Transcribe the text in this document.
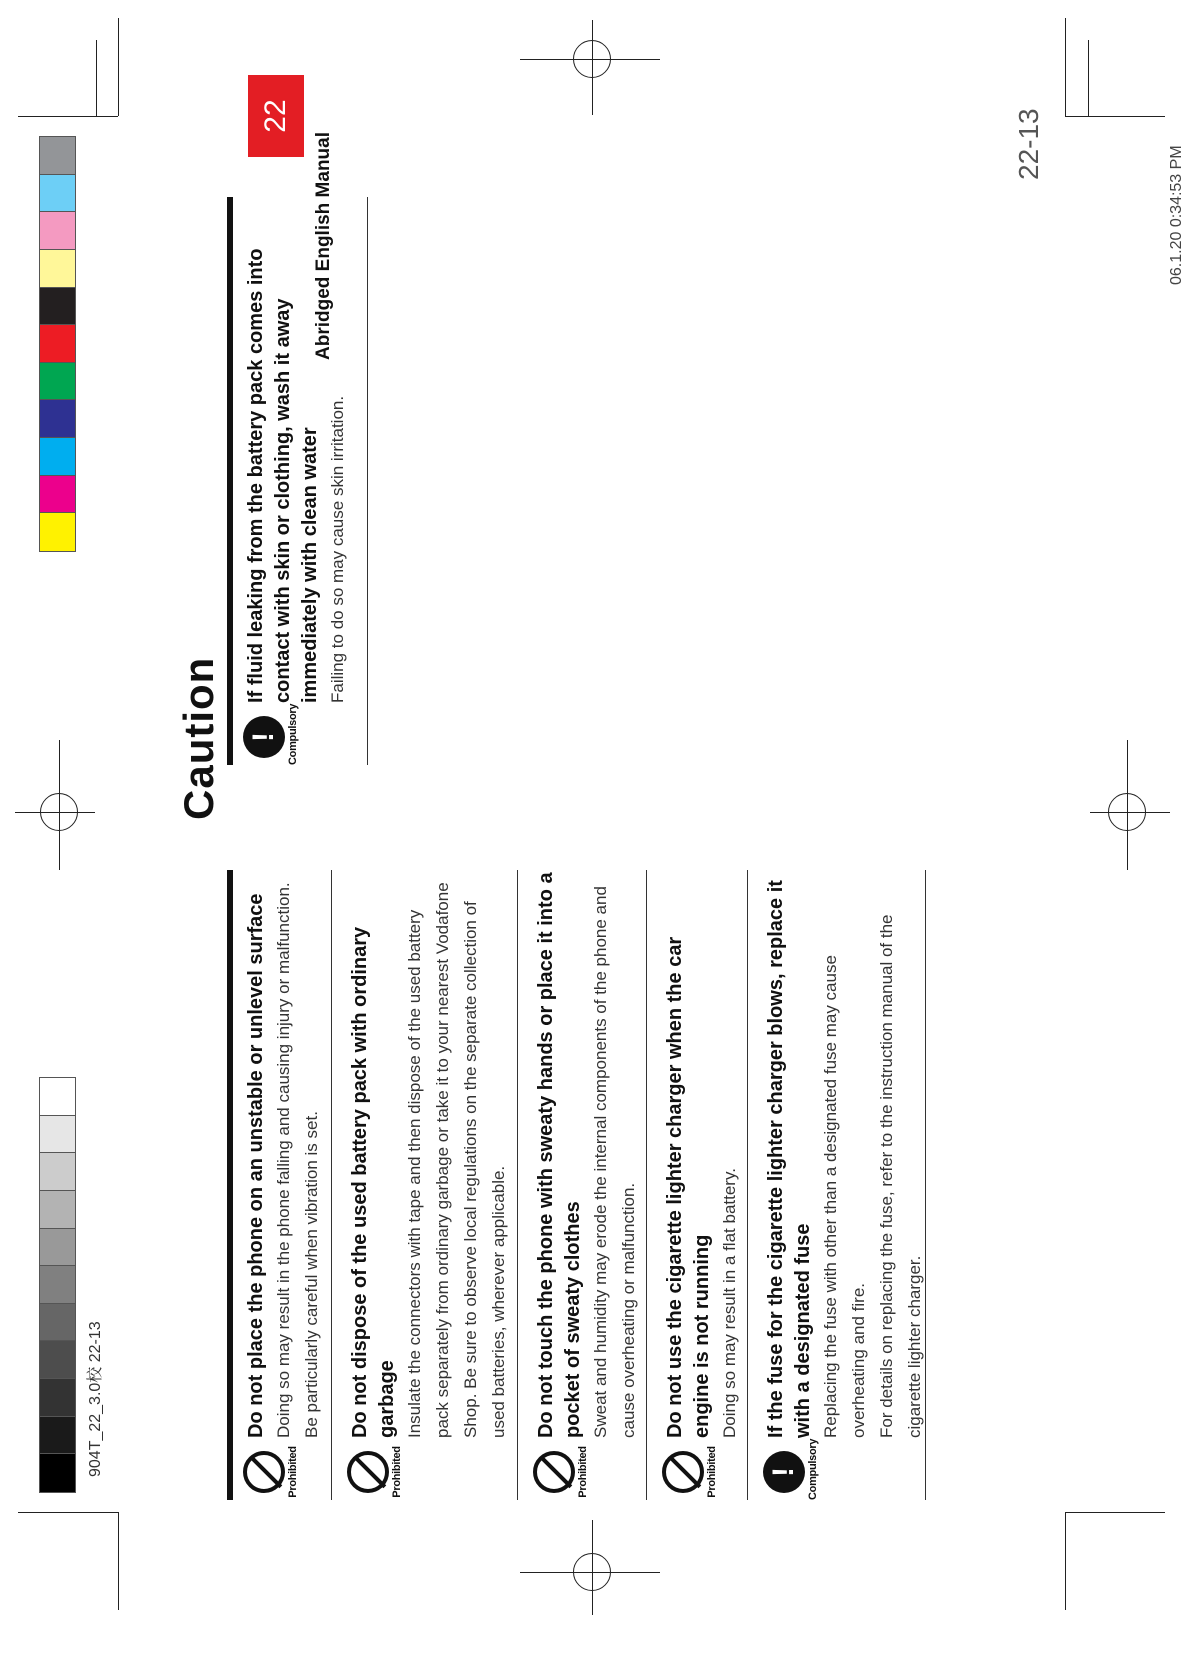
22
Abridged English Manual
Caution
Prohibited

Do not place the phone on an unstable or unlevel surface Doing so may result in the phone falling and causing injury or malfunction. Be particularly careful when vibration is set.

Prohibited

Do not dispose of the used battery pack with ordinary garbage Insulate the connectors with tape and then dispose of the used battery pack separately from ordinary garbage or take it to your nearest Vodafone Shop. Be sure to observe local regulations on the separate collection of used batteries, wherever applicable.

Prohibited

Do not touch the phone with sweaty hands or place it into a pocket of sweaty clothes Sweat and humidity may erode the internal components of the phone and cause overheating or malfunction.

Prohibited

Do not use the cigarette lighter charger when the car engine is not running Doing so may result in a flat battery.

! Compulsory

If the fuse for the cigarette lighter charger blows, replace it with a designated fuse Replacing the fuse with other than a designated fuse may cause overheating and fire. For details on replacing the fuse, refer to the instruction manual of the cigarette lighter charger.

! Compulsory

If fluid leaking from the battery pack comes into contact with skin or clothing, wash it away immediately with clean water Failing to do so may cause skin irritation.

904T_22_3.0校 22-13
22-13
06.1.20 0:34:53 PM
